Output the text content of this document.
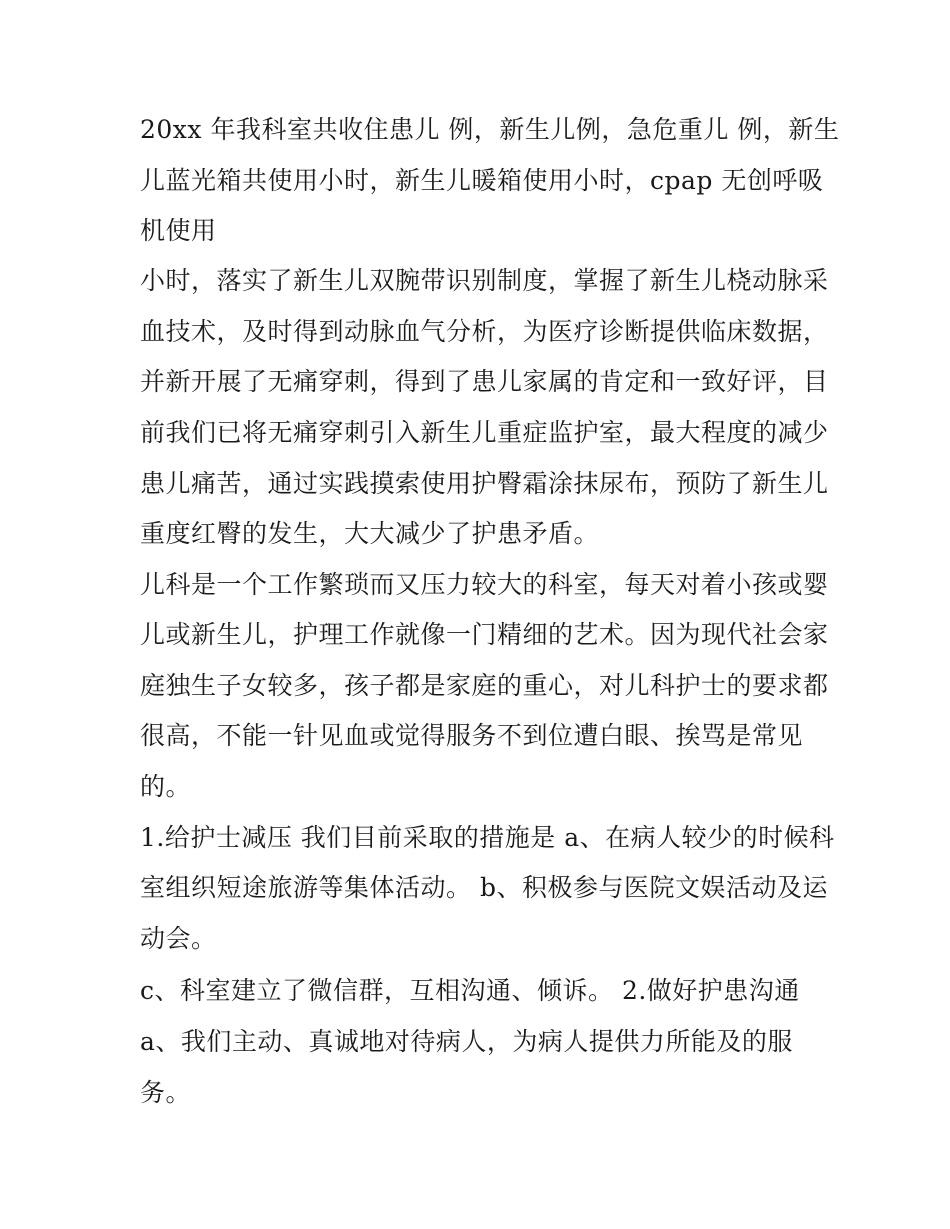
20xx 年我科室共收住患儿 例，新生儿例，急危重儿 例，新生
儿蓝光箱共使用小时，新生儿暖箱使用小时，cpap 无创呼吸
机使用
小时，落实了新生儿双腕带识别制度，掌握了新生儿桡动脉采
血技术，及时得到动脉血气分析，为医疗诊断提供临床数据，
并新开展了无痛穿刺，得到了患儿家属的肯定和一致好评，目
前我们已将无痛穿刺引入新生儿重症监护室，最大程度的减少
患儿痛苦，通过实践摸索使用护臀霜涂抹尿布，预防了新生儿
重度红臀的发生，大大减少了护患矛盾。
儿科是一个工作繁琐而又压力较大的科室，每天对着小孩或婴
儿或新生儿，护理工作就像一门精细的艺术。因为现代社会家
庭独生子女较多，孩子都是家庭的重心，对儿科护士的要求都
很高，不能一针见血或觉得服务不到位遭白眼、挨骂是常见
的。
1.给护士减压 我们目前采取的措施是 a、在病人较少的时候科
室组织短途旅游等集体活动。 b、积极参与医院文娱活动及运
动会。
c、科室建立了微信群，互相沟通、倾诉。 2.做好护患沟通
a、我们主动、真诚地对待病人，为病人提供力所能及的服
务。
